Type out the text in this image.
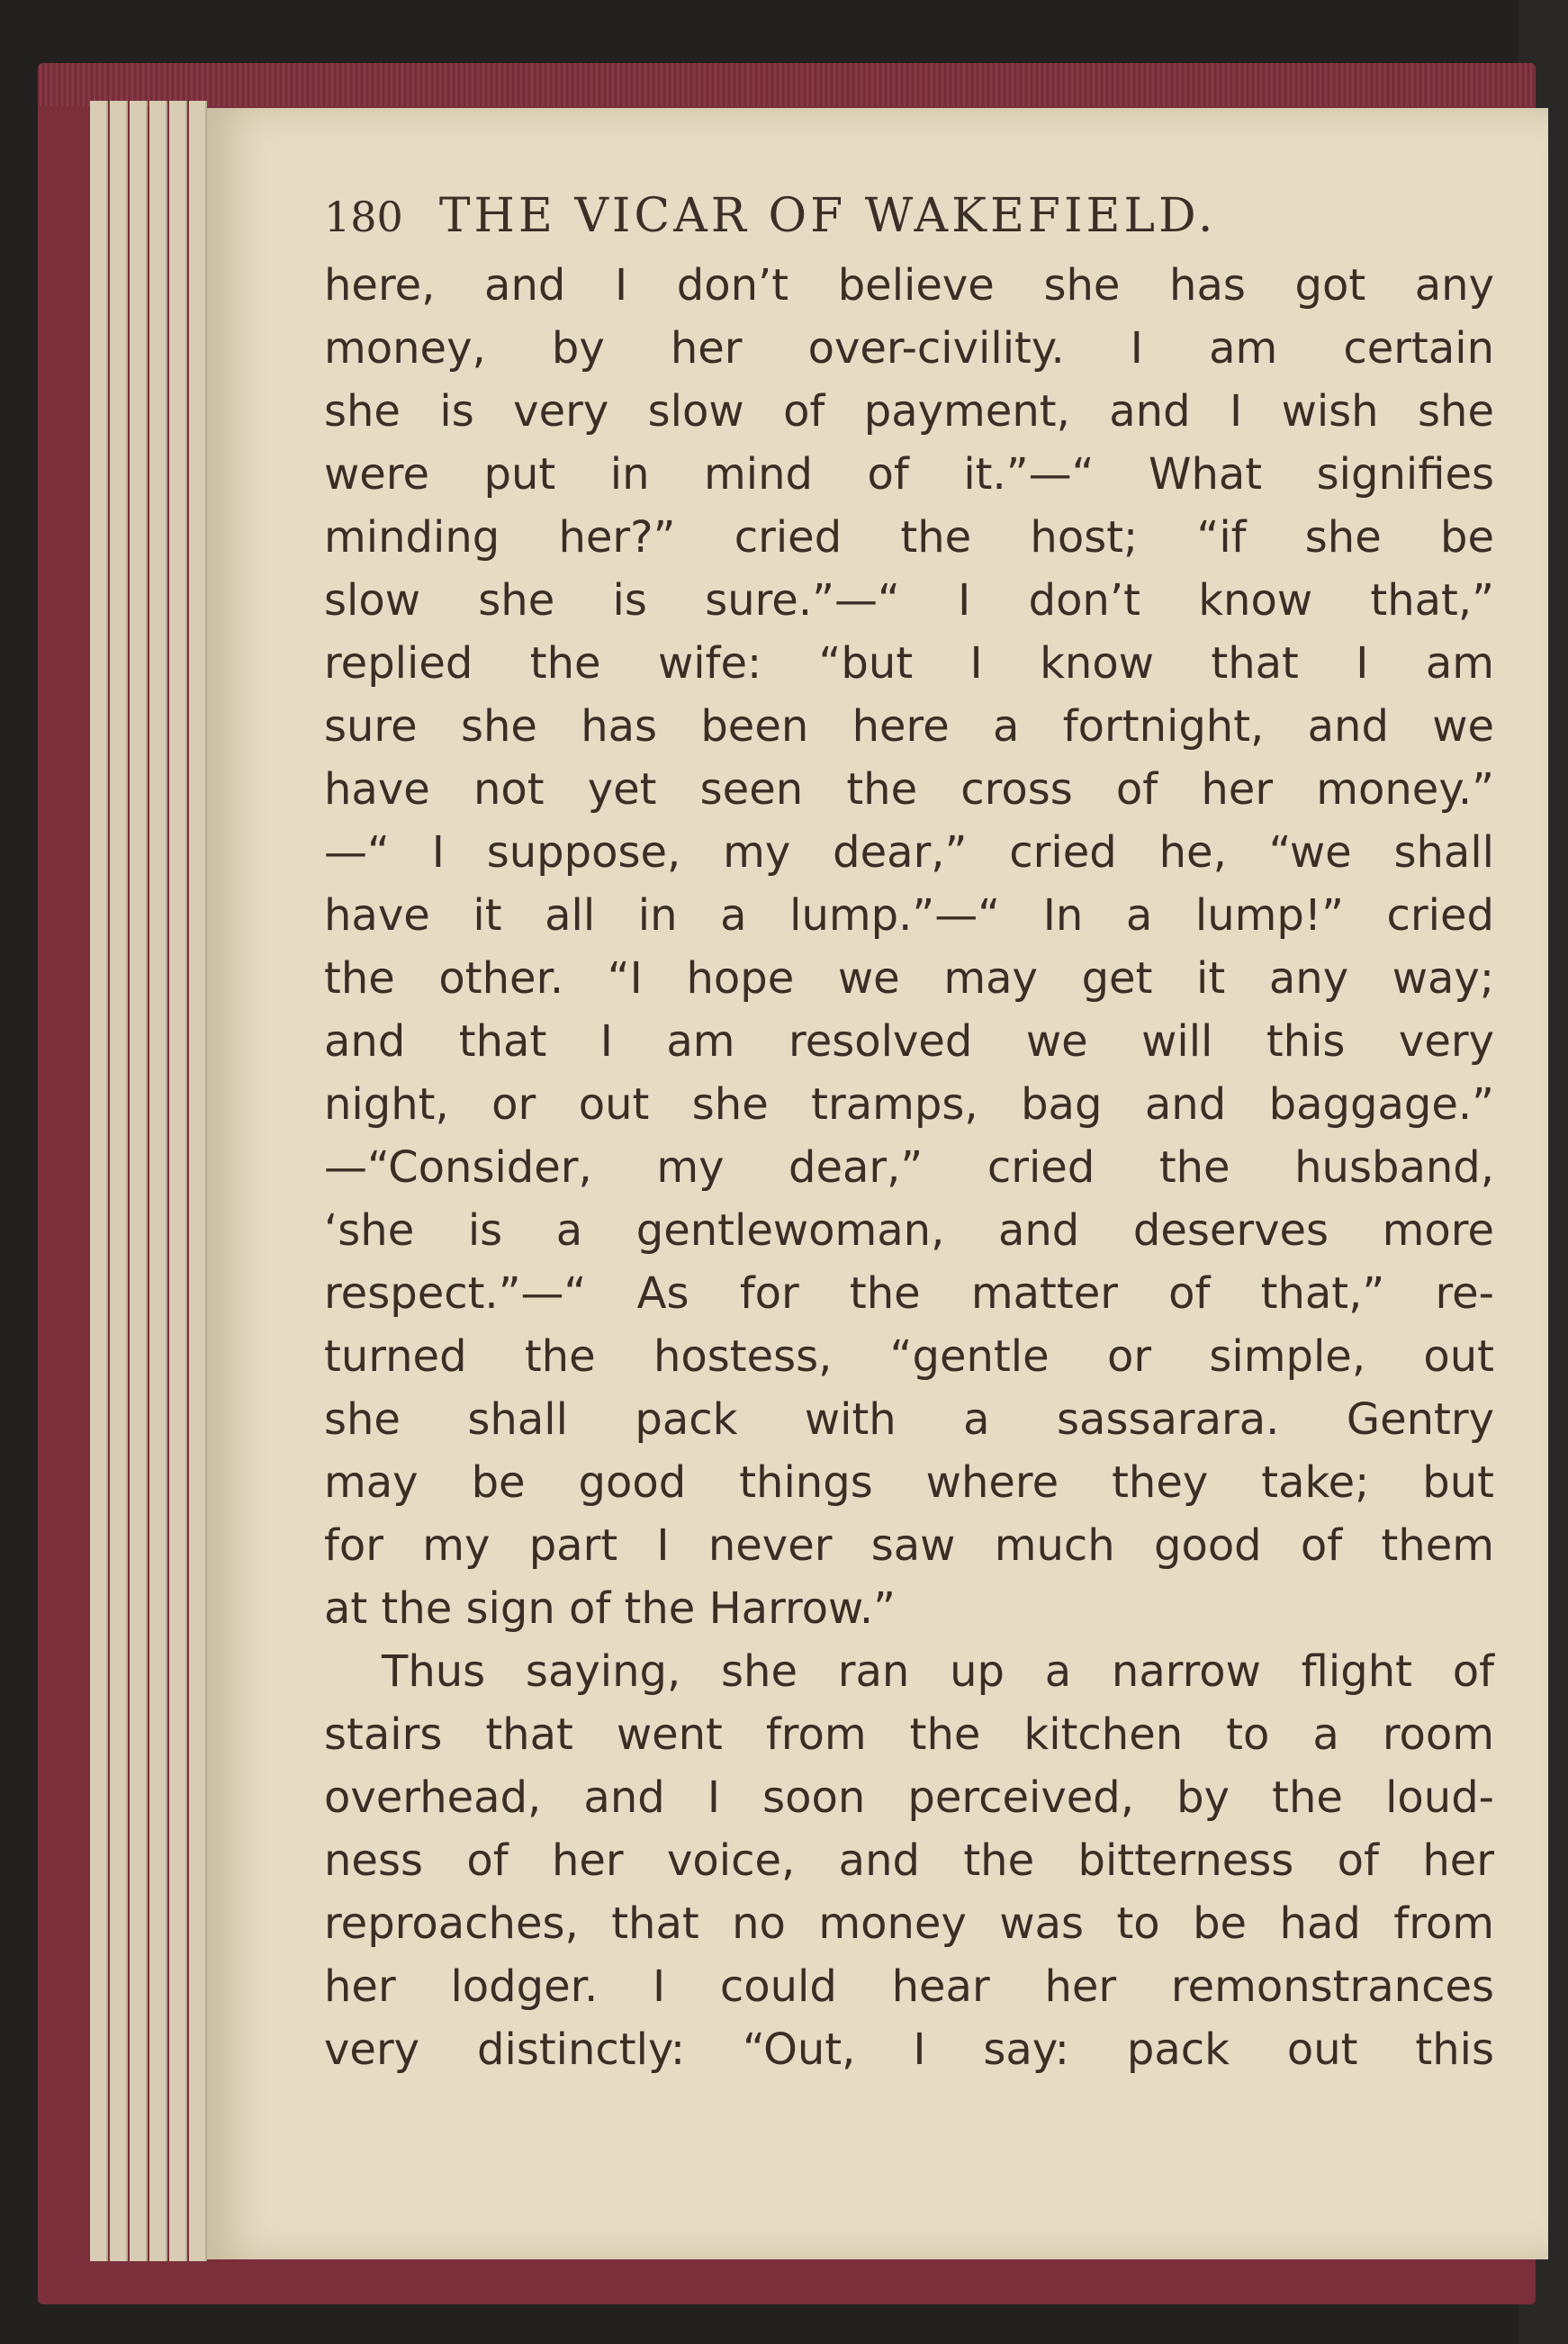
180 THE VICAR OF WAKEFIELD.
here, and I don’t believe she has got any
money, by her over-civility. I am certain
she is very slow of payment, and I wish she
were put in mind of it.”—“ What signifies
minding her?” cried the host; “if she be
slow she is sure.”—“ I don’t know that,”
replied the wife: “but I know that I am
sure she has been here a fortnight, and we
have not yet seen the cross of her money.”
—“ I suppose, my dear,” cried he, “we shall
have it all in a lump.”—“ In a lump!” cried
the other. “I hope we may get it any way;
and that I am resolved we will this very
night, or out she tramps, bag and baggage.”
—“Consider, my dear,” cried the husband,
‘she is a gentlewoman, and deserves more
respect.”—“ As for the matter of that,” re-
turned the hostess, “gentle or simple, out
she shall pack with a sassarara. Gentry
may be good things where they take; but
for my part I never saw much good of them
at the sign of the Harrow.”
Thus saying, she ran up a narrow flight of
stairs that went from the kitchen to a room
overhead, and I soon perceived, by the loud-
ness of her voice, and the bitterness of her
reproaches, that no money was to be had from
her lodger. I could hear her remonstrances
very distinctly: “Out, I say: pack out this
